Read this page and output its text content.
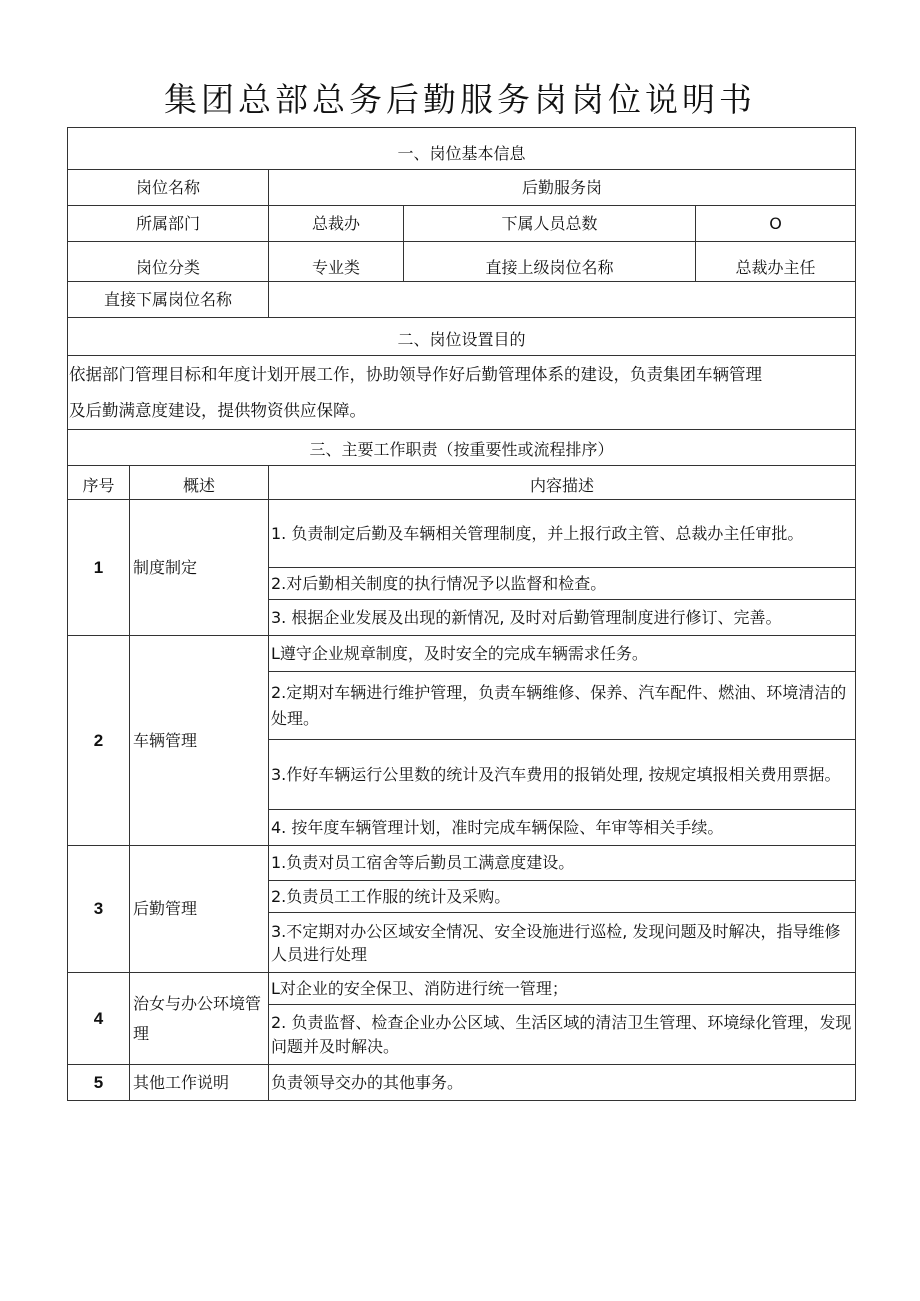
集团总部总务后勤服务岗岗位说明书
一、岗位基本信息				
岗位名称		后勤服务岗		
所属部门		总裁办	下属人员总数	O
岗位分类		专业类	直接上级岗位名称	总裁办主任
直接下属岗位名称				
二、岗位设置目的				

依据部门管理目标和年度计划开展工作，协助领导作好后勤管理体系的建设，负责集团车辆管理
及后勤满意度建设，提供物资供应保障。				

三、主要工作职责（按重要性或流程排序）				
序号	概述	内容描述		
1	制度制定	1. 负责制定后勤及车辆相关管理制度，并上报行政主管、总裁办主任审批。		
		2.对后勤相关制度的执行情况予以监督和检查。		
		3. 根据企业发展及出现的新情况, 及时对后勤管理制度进行修订、完善。		
2	车辆管理	L遵守企业规章制度，及时安全的完成车辆需求任务。		
		2.定期对车辆进行维护管理，负责车辆维修、保养、汽车配件、燃油、环境清洁的处理。		
		3.作好车辆运行公里数的统计及汽车费用的报销处理, 按规定填报相关费用票据。		
		4. 按年度车辆管理计划，准时完成车辆保险、年审等相关手续。		
3	后勤管理	1.负责对员工宿舍等后勤员工满意度建设。		
		2.负责员工工作服的统计及采购。		
		3.不定期对办公区域安全情况、安全设施进行巡检, 发现问题及时解决，指导维修人员进行处理		
4	治女与办公环境管理	L对企业的安全保卫、消防进行统一管理；		
		2. 负责监督、检查企业办公区域、生活区域的清洁卫生管理、环境绿化管理，发现问题并及时解决。		
5	其他工作说明	负责领导交办的其他事务。		
